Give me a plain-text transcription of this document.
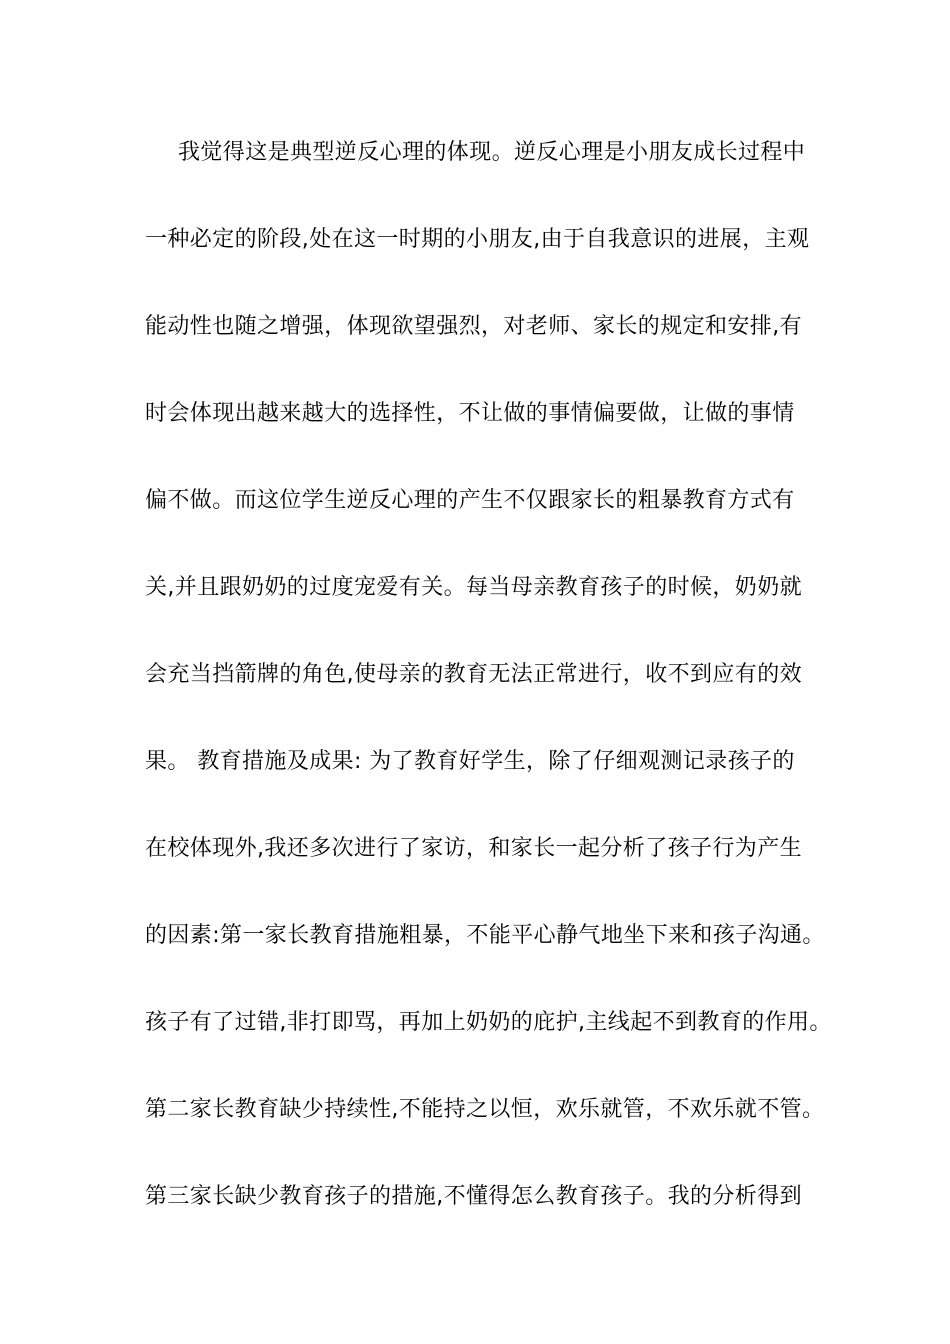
我觉得这是典型逆反心理的体现。逆反心理是小朋友成长过程中
一种必定的阶段,处在这一时期的小朋友,由于自我意识的进展，主观
能动性也随之增强，体现欲望强烈，对老师、家长的规定和安排,有
时会体现出越来越大的选择性，不让做的事情偏要做，让做的事情
偏不做。而这位学生逆反心理的产生不仅跟家长的粗暴教育方式有
关,并且跟奶奶的过度宠爱有关。每当母亲教育孩子的时候，奶奶就
会充当挡箭牌的角色,使母亲的教育无法正常进行，收不到应有的效
果。 教育措施及成果: 为了教育好学生，除了仔细观测记录孩子的
在校体现外,我还多次进行了家访，和家长一起分析了孩子行为产生
的因素:第一家长教育措施粗暴，不能平心静气地坐下来和孩子沟通。
孩子有了过错,非打即骂，再加上奶奶的庇护,主线起不到教育的作用。
第二家长教育缺少持续性,不能持之以恒，欢乐就管，不欢乐就不管。
第三家长缺少教育孩子的措施,不懂得怎么教育孩子。我的分析得到
